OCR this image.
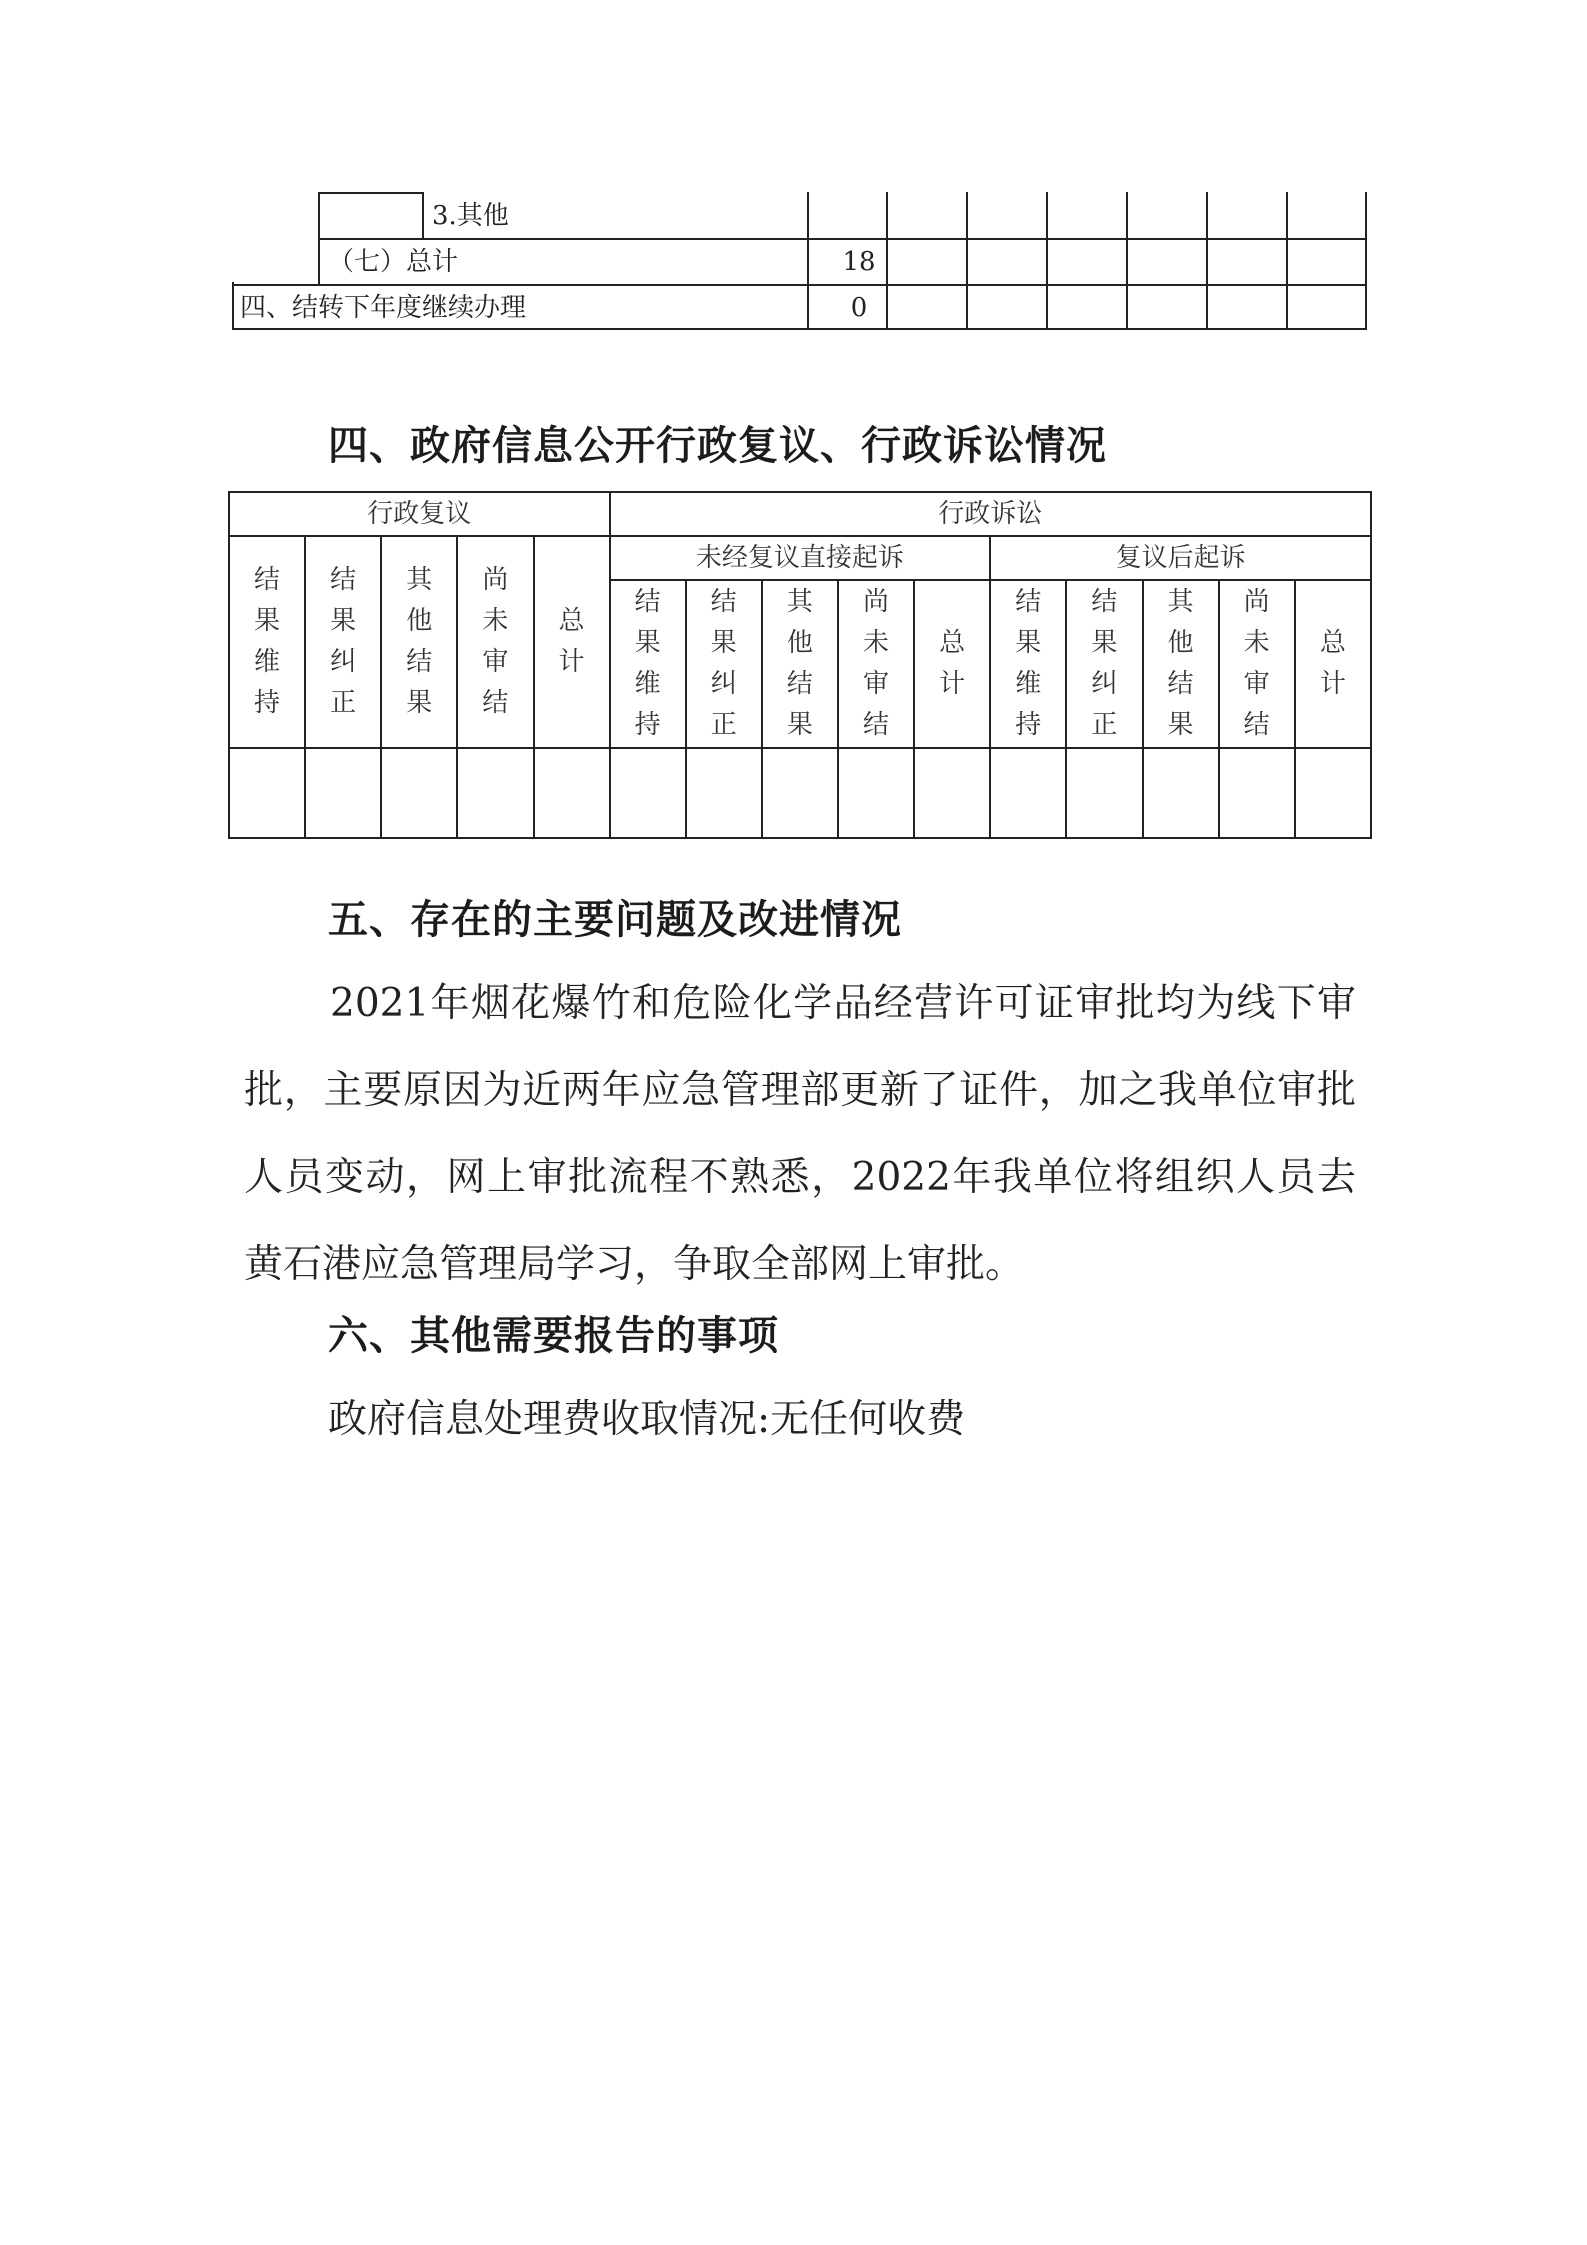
3.其他
（七）总计	18
四、结转下年度继续办理	0
四、政府信息公开行政复议、行政诉讼情况
行政复议					行政诉讼									
结果维持	结果纠正	其他结果	尚未审结	总计	未经复议直接起诉					复议后起诉				
					结果维持	结果纠正	其他结果	尚未审结	总计	结果维持	结果纠正	其他结果	尚未审结	总计

五、存在的主要问题及改进情况
2021年烟花爆竹和危险化学品经营许可证审批均为线下审批，主要原因为近两年应急管理部更新了证件，加之我单位审批人员变动，网上审批流程不熟悉，2022年我单位将组织人员去黄石港应急管理局学习，争取全部网上审批。
六、其他需要报告的事项
政府信息处理费收取情况:无任何收费
